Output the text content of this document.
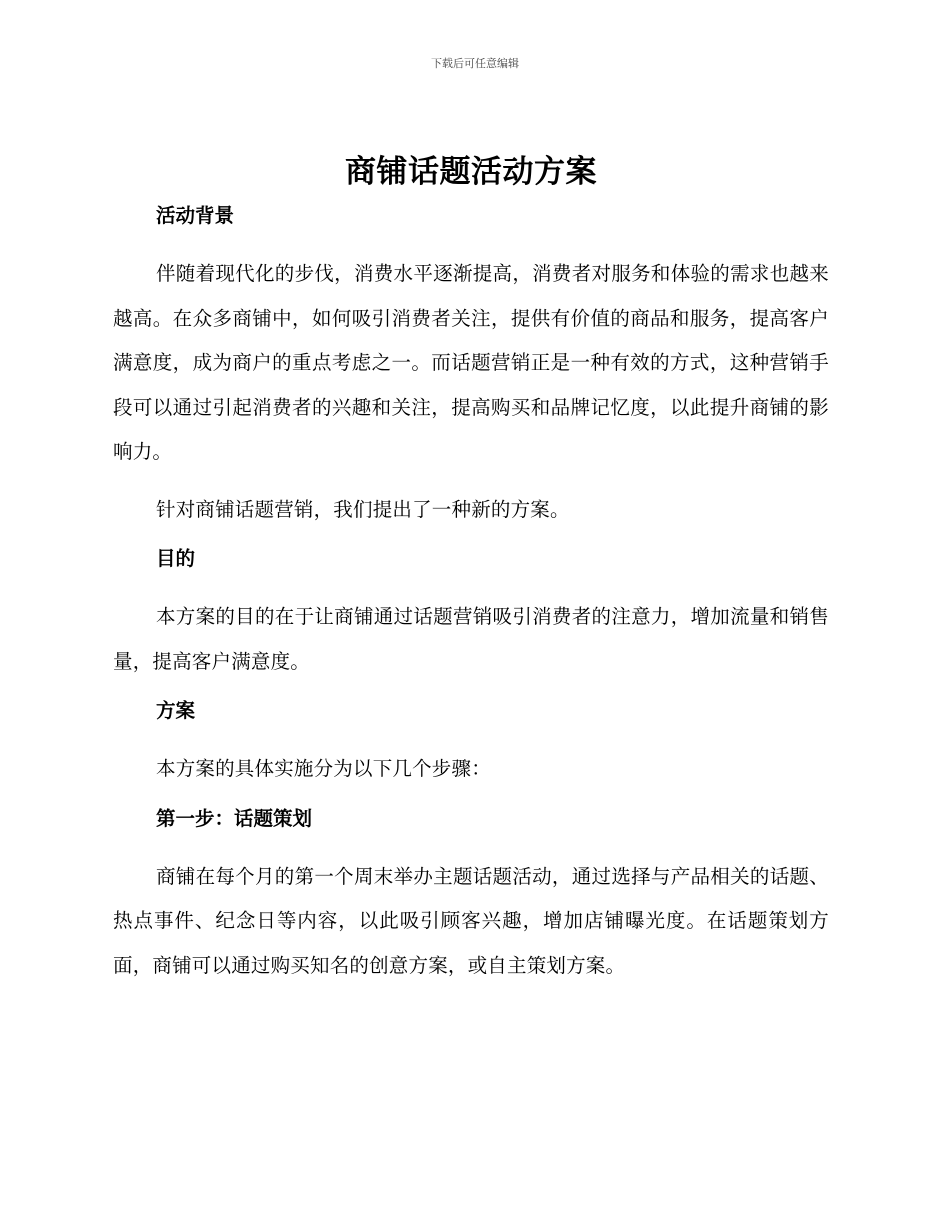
下载后可任意编辑
商铺话题活动方案
活动背景

伴随着现代化的步伐，消费水平逐渐提高，消费者对服务和体验的需求也越来越高。在众多商铺中，如何吸引消费者关注，提供有价值的商品和服务，提高客户满意度，成为商户的重点考虑之一。而话题营销正是一种有效的方式，这种营销手段可以通过引起消费者的兴趣和关注，提高购买和品牌记忆度，以此提升商铺的影响力。

针对商铺话题营销，我们提出了一种新的方案。

目的

本方案的目的在于让商铺通过话题营销吸引消费者的注意力，增加流量和销售量，提高客户满意度。

方案

本方案的具体实施分为以下几个步骤：

第一步：话题策划

商铺在每个月的第一个周末举办主题话题活动，通过选择与产品相关的话题、热点事件、纪念日等内容，以此吸引顾客兴趣，增加店铺曝光度。在话题策划方面，商铺可以通过购买知名的创意方案，或自主策划方案。
